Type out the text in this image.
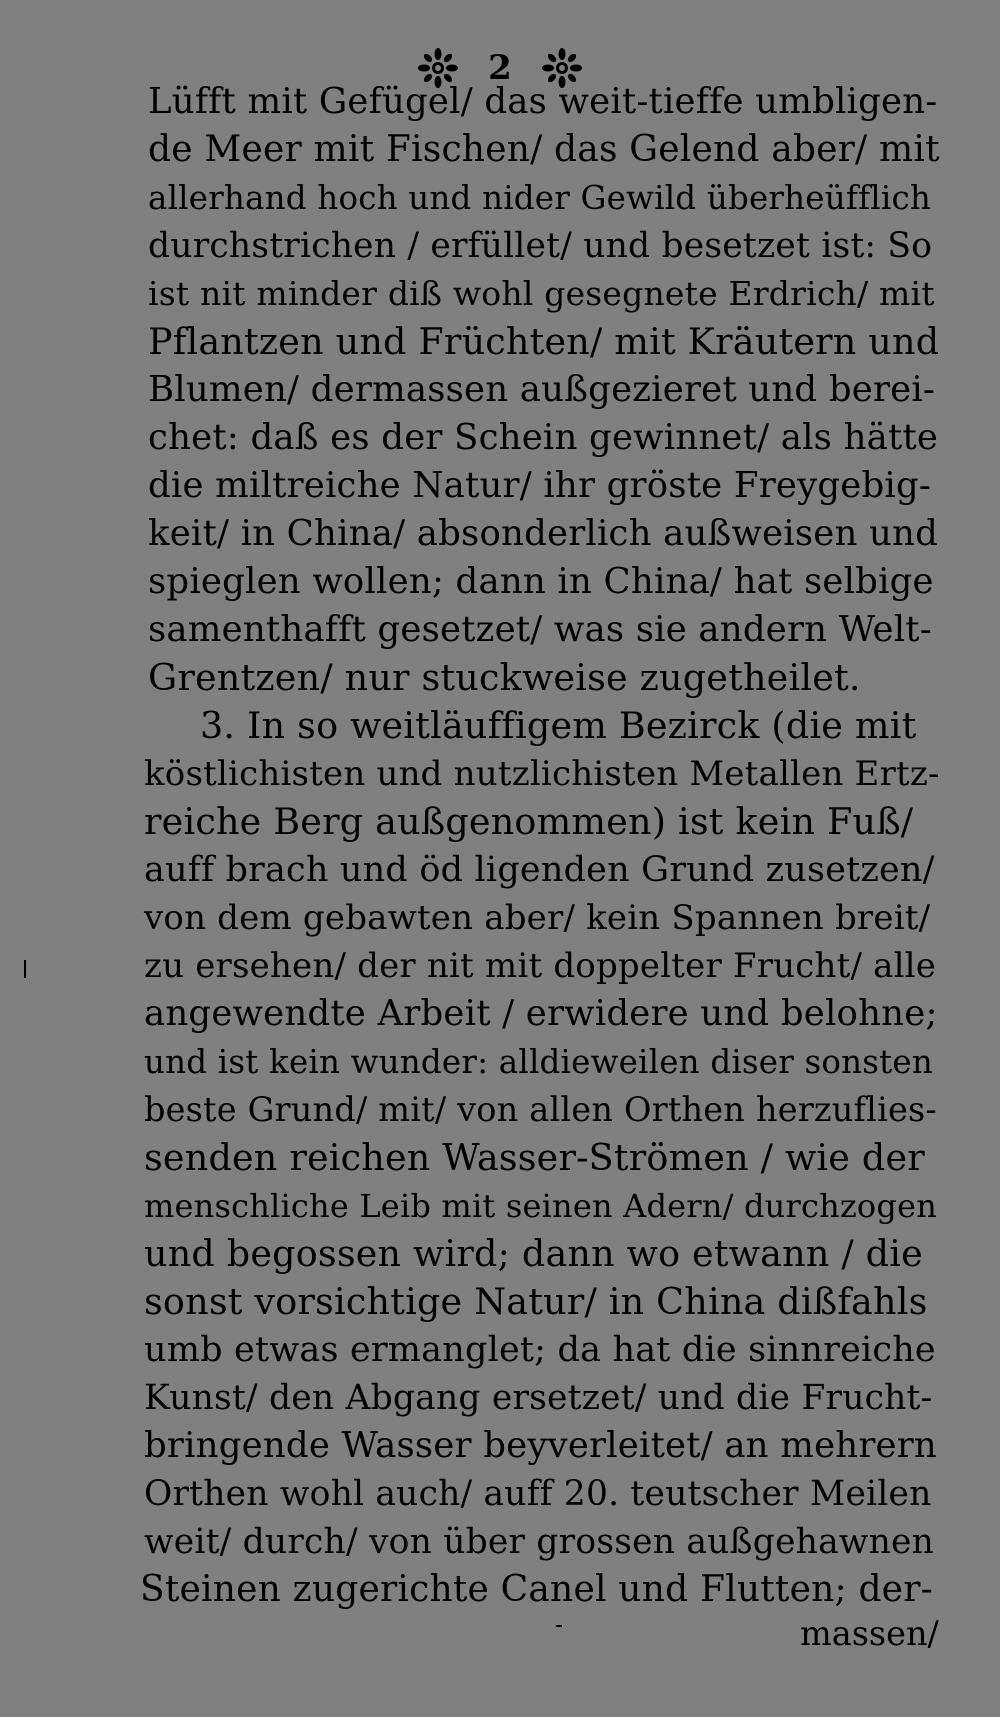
2
Lüfft mit Gefügel/ das weit-tieffe umbligen-
de Meer mit Fischen/ das Gelend aber/ mit
allerhand hoch und nider Gewild überheüfflich
durchstrichen / erfüllet/ und besetzet ist: So
ist nit minder diß wohl gesegnete Erdrich/ mit
Pflantzen und Früchten/ mit Kräutern und
Blumen/ dermassen außgezieret und berei-
chet: daß es der Schein gewinnet/ als hätte
die miltreiche Natur/ ihr gröste Freygebig-
keit/ in China/ absonderlich außweisen und
spieglen wollen; dann in China/ hat selbige
samenthafft gesetzet/ was sie andern Welt-
Grentzen/ nur stuckweise zugetheilet.
3. In so weitläuffigem Bezirck (die mit
köstlichisten und nutzlichisten Metallen Ertz-
reiche Berg außgenommen) ist kein Fuß/
auff brach und öd ligenden Grund zusetzen/
von dem gebawten aber/ kein Spannen breit/
zu ersehen/ der nit mit doppelter Frucht/ alle
angewendte Arbeit / erwidere und belohne;
und ist kein wunder: alldieweilen diser sonsten
beste Grund/ mit/ von allen Orthen herzuflies-
senden reichen Wasser-Strömen / wie der
menschliche Leib mit seinen Adern/ durchzogen
und begossen wird; dann wo etwann / die
sonst vorsichtige Natur/ in China dißfahls
umb etwas ermanglet; da hat die sinnreiche
Kunst/ den Abgang ersetzet/ und die Frucht-
bringende Wasser beyverleitet/ an mehrern
Orthen wohl auch/ auff 20. teutscher Meilen
weit/ durch/ von über grossen außgehawnen
Steinen zugerichte Canel und Flutten; der-
massen/
